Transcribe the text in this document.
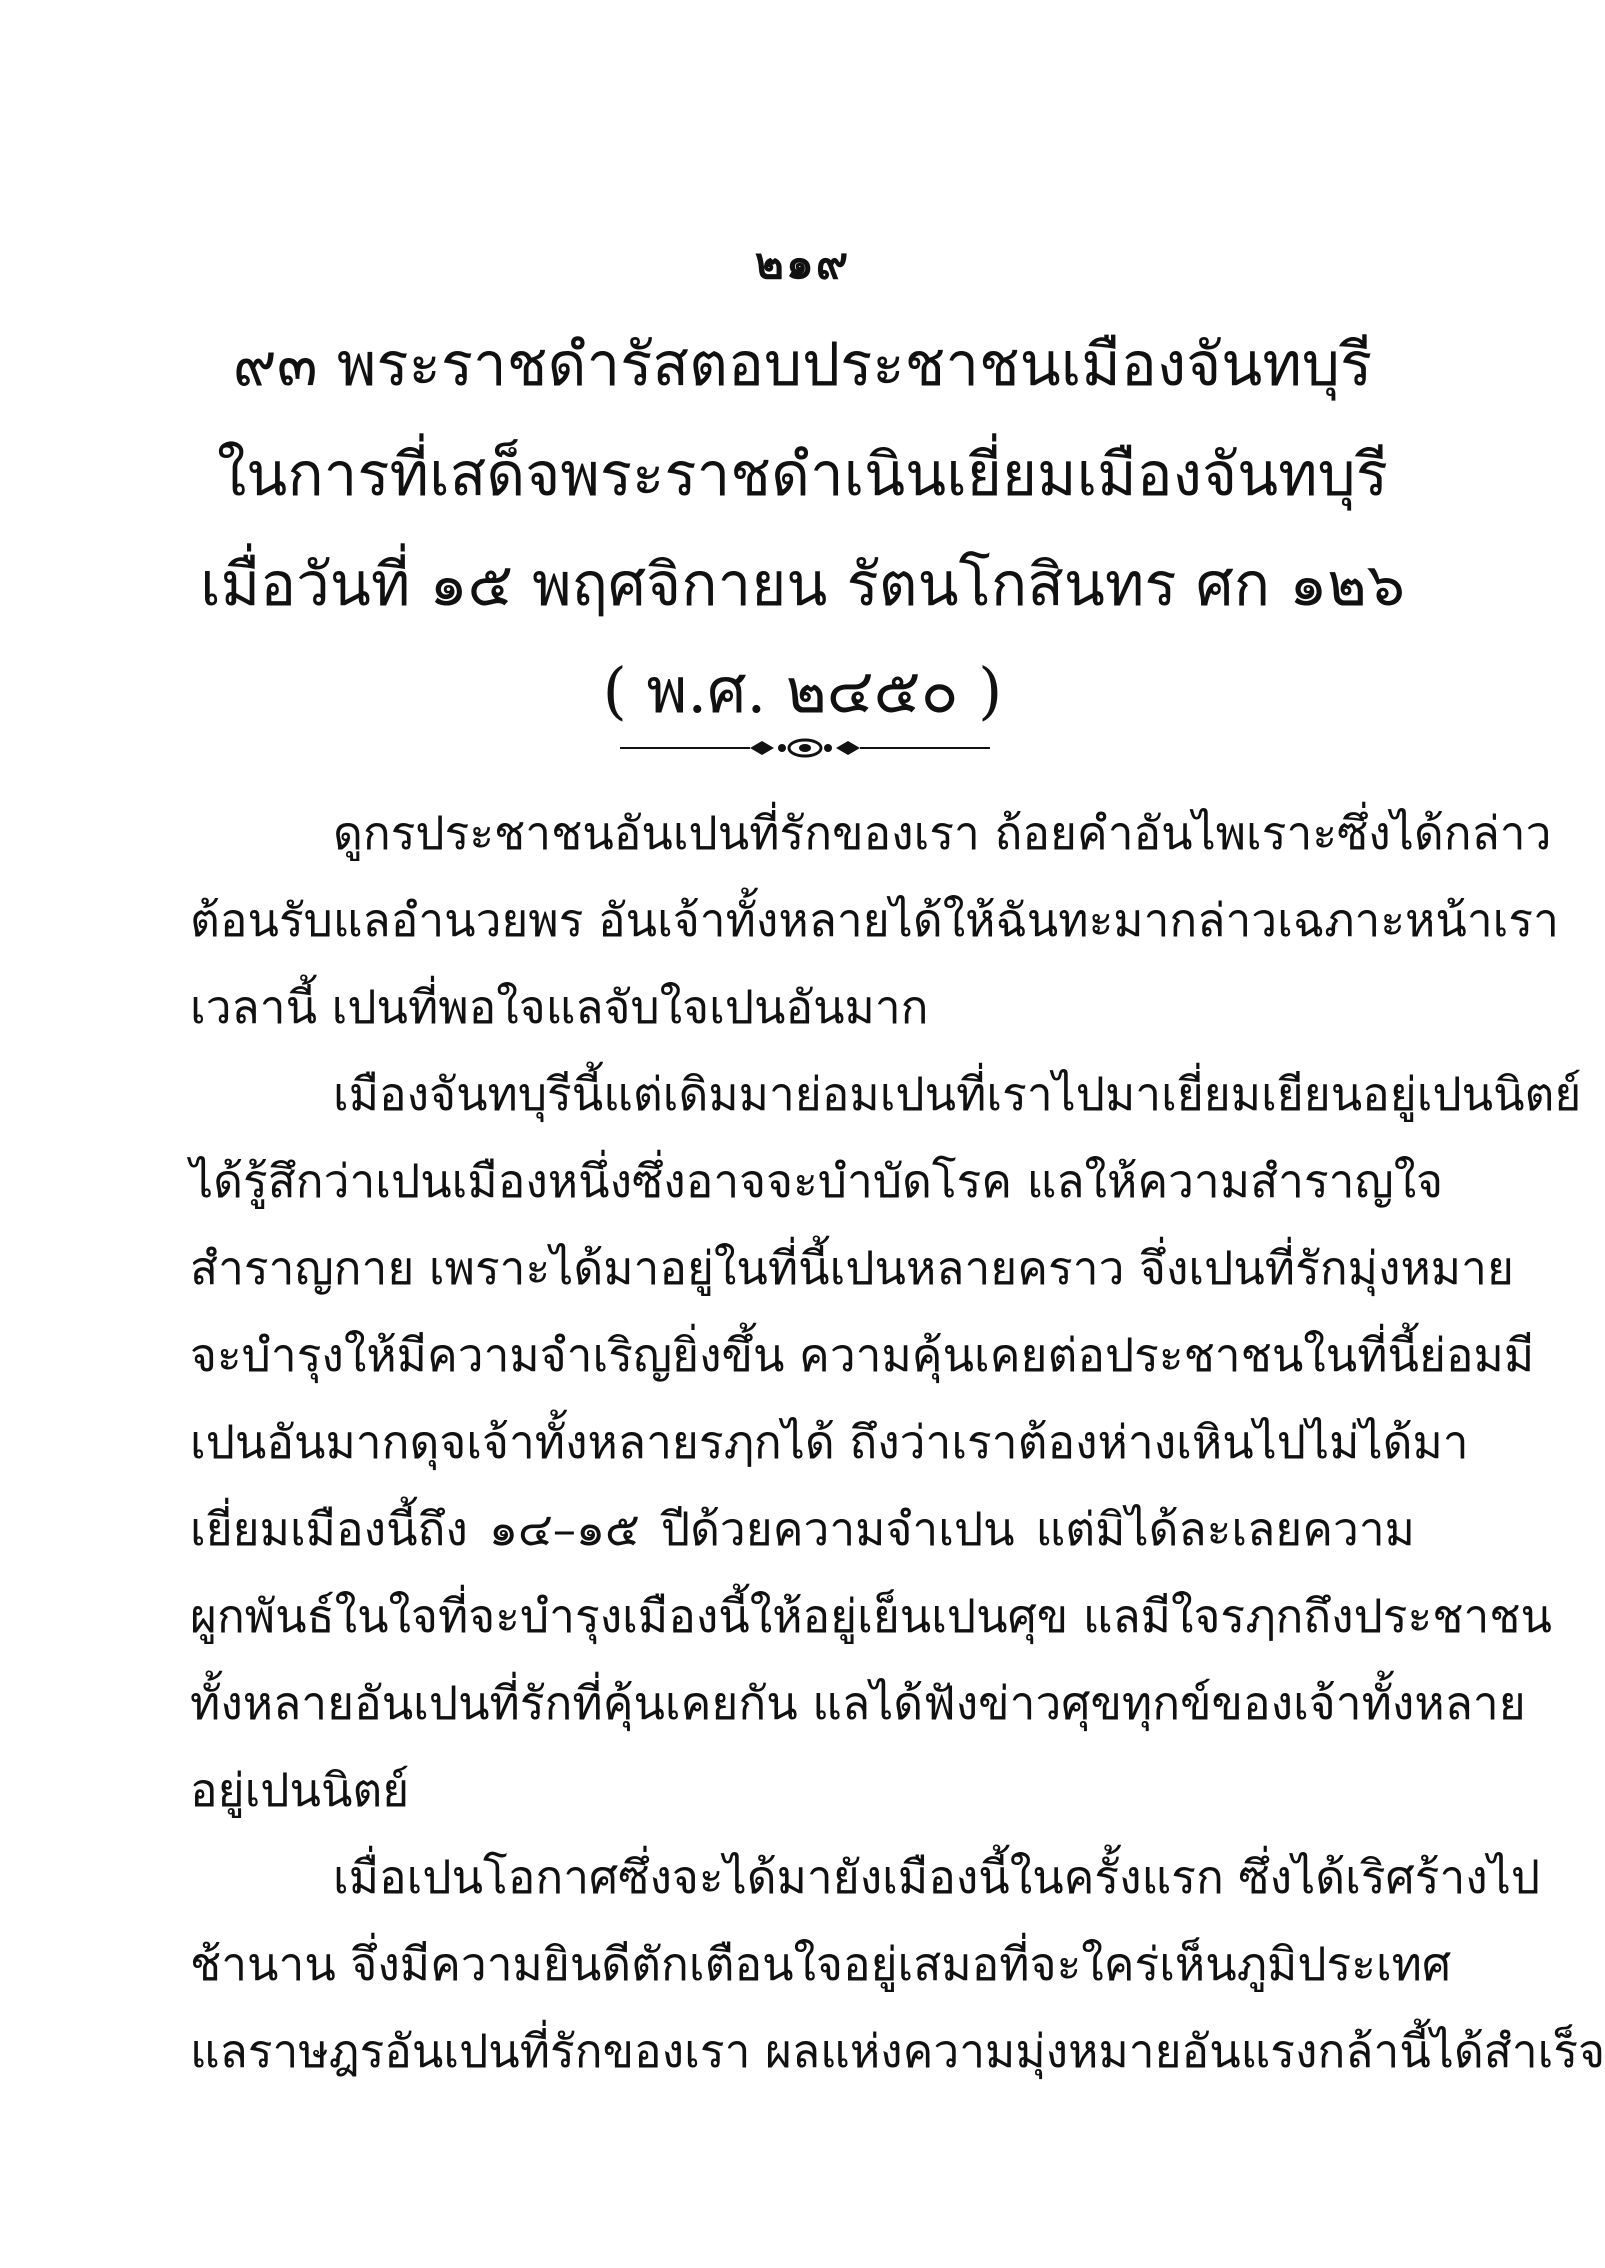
๒๑๙
๙๓ พระราชดำรัสตอบประชาชนเมืองจันทบุรี
ในการที่เสด็จพระราชดำเนินเยี่ยมเมืองจันทบุรี
เมื่อวันที่ ๑๕ พฤศจิกายน รัตนโกสินทร ศก ๑๒๖
( พ.ศ. ๒๔๕๐ )
ดูกรประชาชนอันเปนที่รักของเรา ถ้อยคำอันไพเราะซึ่งได้กล่าว
ต้อนรับแลอำนวยพร อันเจ้าทั้งหลายได้ให้ฉันทะมากล่าวเฉภาะหน้าเรา
เวลานี้ เปนที่พอใจแลจับใจเปนอันมาก
เมืองจันทบุรีนี้แต่เดิมมาย่อมเปนที่เราไปมาเยี่ยมเยียนอยู่เปนนิตย์
ได้รู้สึกว่าเปนเมืองหนึ่งซึ่งอาจจะบำบัดโรค แลให้ความสำราญใจ
สำราญกาย เพราะได้มาอยู่ในที่นี้เปนหลายคราว จึ่งเปนที่รักมุ่งหมาย
จะบำรุงให้มีความจำเริญยิ่งขึ้น ความคุ้นเคยต่อประชาชนในที่นี้ย่อมมี
เปนอันมากดุจเจ้าทั้งหลายรฦกได้ ถึงว่าเราต้องห่างเหินไปไม่ได้มา
เยี่ยมเมืองนี้ถึง ๑๔–๑๕ ปีด้วยความจำเปน แต่มิได้ละเลยความ
ผูกพันธ์ในใจที่จะบำรุงเมืองนี้ให้อยู่เย็นเปนศุข แลมีใจรฦกถึงประชาชน
ทั้งหลายอันเปนที่รักที่คุ้นเคยกัน แลได้ฟังข่าวศุขทุกข์ของเจ้าทั้งหลาย
อยู่เปนนิตย์
เมื่อเปนโอกาศซึ่งจะได้มายังเมืองนี้ในครั้งแรก ซึ่งได้เริศร้างไป
ช้านาน จึ่งมีความยินดีตักเตือนใจอยู่เสมอที่จะใคร่เห็นภูมิประเทศ
แลราษฎรอันเปนที่รักของเรา ผลแห่งความมุ่งหมายอันแรงกล้านี้ได้สำเร็จ
